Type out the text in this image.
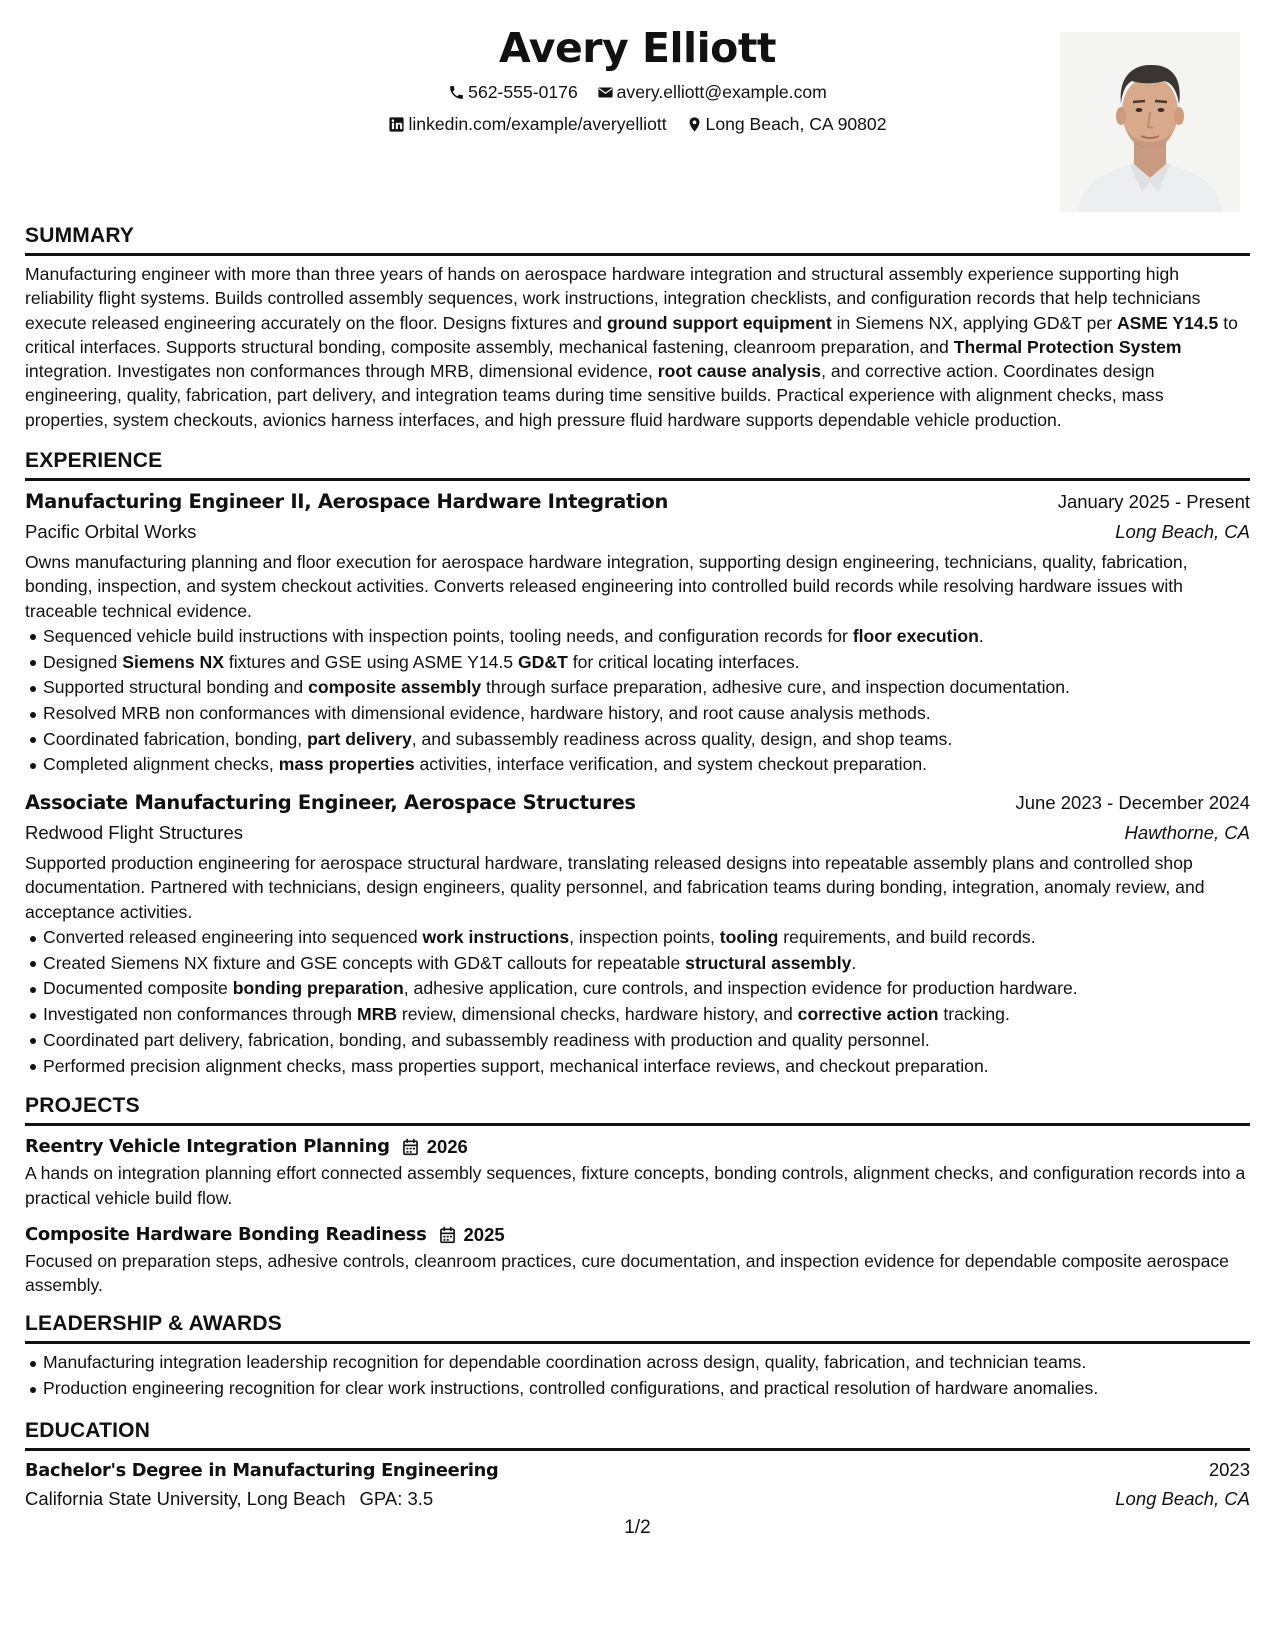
Avery Elliott
562-555-0176
avery.elliott@example.com
linkedin.com/example/averyelliott
Long Beach, CA 90802
SUMMARY
Manufacturing engineer with more than three years of hands on aerospace hardware integration and structural assembly experience supporting high reliability flight systems. Builds controlled assembly sequences, work instructions, integration checklists, and configuration records that help technicians execute released engineering accurately on the floor. Designs fixtures and ground support equipment in Siemens NX, applying GD&T per ASME Y14.5 to critical interfaces. Supports structural bonding, composite assembly, mechanical fastening, cleanroom preparation, and Thermal Protection System integration. Investigates non conformances through MRB, dimensional evidence, root cause analysis, and corrective action. Coordinates design engineering, quality, fabrication, part delivery, and integration teams during time sensitive builds. Practical experience with alignment checks, mass properties, system checkouts, avionics harness interfaces, and high pressure fluid hardware supports dependable vehicle production.
EXPERIENCE
Manufacturing Engineer II, Aerospace Hardware Integration	January 2025 - Present
Pacific Orbital Works	Long Beach, CA
Owns manufacturing planning and floor execution for aerospace hardware integration, supporting design engineering, technicians, quality, fabrication, bonding, inspection, and system checkout activities. Converts released engineering into controlled build records while resolving hardware issues with traceable technical evidence.
Sequenced vehicle build instructions with inspection points, tooling needs, and configuration records for floor execution.
Designed Siemens NX fixtures and GSE using ASME Y14.5 GD&T for critical locating interfaces.
Supported structural bonding and composite assembly through surface preparation, adhesive cure, and inspection documentation.
Resolved MRB non conformances with dimensional evidence, hardware history, and root cause analysis methods.
Coordinated fabrication, bonding, part delivery, and subassembly readiness across quality, design, and shop teams.
Completed alignment checks, mass properties activities, interface verification, and system checkout preparation.
Associate Manufacturing Engineer, Aerospace Structures	June 2023 - December 2024
Redwood Flight Structures	Hawthorne, CA
Supported production engineering for aerospace structural hardware, translating released designs into repeatable assembly plans and controlled shop documentation. Partnered with technicians, design engineers, quality personnel, and fabrication teams during bonding, integration, anomaly review, and acceptance activities.
Converted released engineering into sequenced work instructions, inspection points, tooling requirements, and build records.
Created Siemens NX fixture and GSE concepts with GD&T callouts for repeatable structural assembly.
Documented composite bonding preparation, adhesive application, cure controls, and inspection evidence for production hardware.
Investigated non conformances through MRB review, dimensional checks, hardware history, and corrective action tracking.
Coordinated part delivery, fabrication, bonding, and subassembly readiness with production and quality personnel.
Performed precision alignment checks, mass properties support, mechanical interface reviews, and checkout preparation.
PROJECTS
Reentry Vehicle Integration Planning 2026
A hands on integration planning effort connected assembly sequences, fixture concepts, bonding controls, alignment checks, and configuration records into a practical vehicle build flow.
Composite Hardware Bonding Readiness 2025
Focused on preparation steps, adhesive controls, cleanroom practices, cure documentation, and inspection evidence for dependable composite aerospace assembly.
LEADERSHIP & AWARDS
Manufacturing integration leadership recognition for dependable coordination across design, quality, fabrication, and technician teams.
Production engineering recognition for clear work instructions, controlled configurations, and practical resolution of hardware anomalies.
EDUCATION
Bachelor's Degree in Manufacturing Engineering	2023
California State University, Long Beach GPA: 3.5	Long Beach, CA
1/2
